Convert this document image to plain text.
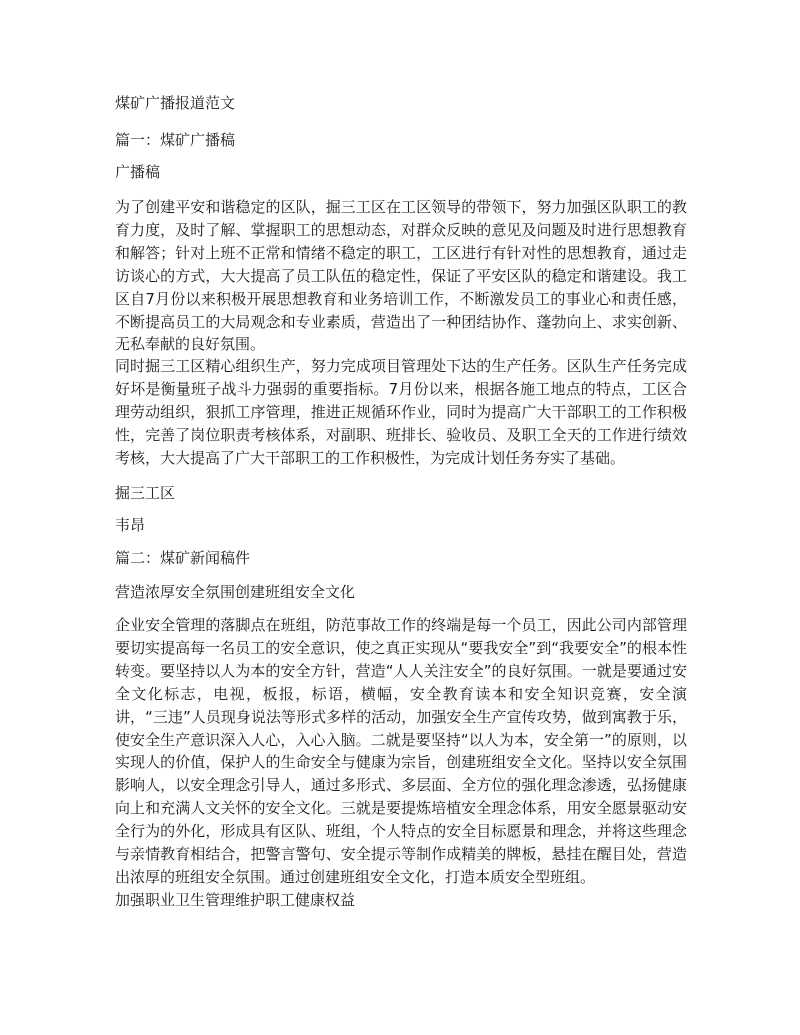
煤矿广播报道范文
篇一：煤矿广播稿
广播稿
为了创建平安和谐稳定的区队，掘三工区在工区领导的带领下，努力加强区队职工的教育力度，及时了解、掌握职工的思想动态，对群众反映的意见及问题及时进行思想教育和解答；针对上班不正常和情绪不稳定的职工，工区进行有针对性的思想教育，通过走访谈心的方式，大大提高了员工队伍的稳定性，保证了平安区队的稳定和谐建设。我工区自7月份以来积极开展思想教育和业务培训工作，不断激发员工的事业心和责任感，不断提高员工的大局观念和专业素质，营造出了一种团结协作、蓬勃向上、求实创新、无私奉献的良好氛围。
同时掘三工区精心组织生产，努力完成项目管理处下达的生产任务。区队生产任务完成好坏是衡量班子战斗力强弱的重要指标。7月份以来，根据各施工地点的特点，工区合理劳动组织，狠抓工序管理，推进正规循环作业，同时为提高广大干部职工的工作积极性，完善了岗位职责考核体系，对副职、班排长、验收员、及职工全天的工作进行绩效考核，大大提高了广大干部职工的工作积极性，为完成计划任务夯实了基础。
掘三工区
韦昂
篇二：煤矿新闻稿件
营造浓厚安全氛围创建班组安全文化
企业安全管理的落脚点在班组，防范事故工作的终端是每一个员工，因此公司内部管理要切实提高每一名员工的安全意识，使之真正实现从“要我安全”到“我要安全”的根本性转变。要坚持以人为本的安全方针，营造“人人关注安全”的良好氛围。一就是要通过安全文化标志，电视，板报，标语，横幅，安全教育读本和安全知识竞赛，安全演讲，“三违”人员现身说法等形式多样的活动，加强安全生产宣传攻势，做到寓教于乐，使安全生产意识深入人心，入心入脑。二就是要坚持“以人为本，安全第一”的原则，以实现人的价值，保护人的生命安全与健康为宗旨，创建班组安全文化。坚持以安全氛围影响人，以安全理念引导人，通过多形式、多层面、全方位的强化理念渗透，弘扬健康向上和充满人文关怀的安全文化。三就是要提炼培植安全理念体系，用安全愿景驱动安全行为的外化，形成具有区队、班组，个人特点的安全目标愿景和理念，并将这些理念与亲情教育相结合，把警言警句、安全提示等制作成精美的牌板，悬挂在醒目处，营造出浓厚的班组安全氛围。通过创建班组安全文化，打造本质安全型班组。
加强职业卫生管理维护职工健康权益
